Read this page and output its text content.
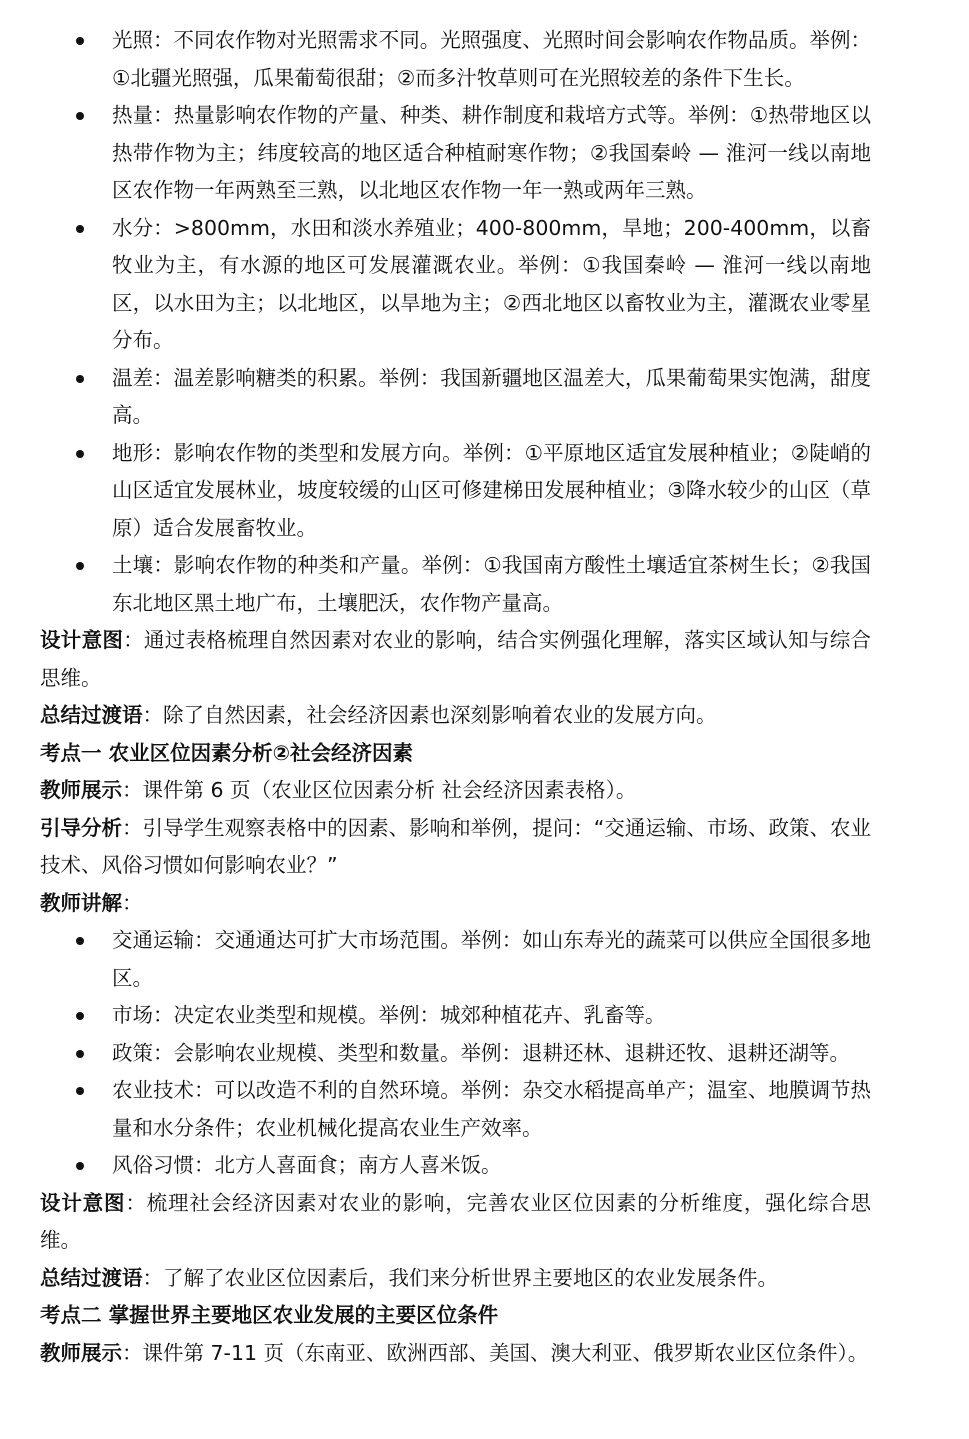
光照：不同农作物对光照需求不同。光照强度、光照时间会影响农作物品质。举例：①北疆光照强，瓜果葡萄很甜；②而多汁牧草则可在光照较差的条件下生长。
热量：热量影响农作物的产量、种类、耕作制度和栽培方式等。举例：①热带地区以热带作物为主；纬度较高的地区适合种植耐寒作物；②我国秦岭 — 淮河一线以南地区农作物一年两熟至三熟，以北地区农作物一年一熟或两年三熟。
水分：>800mm，水田和淡水养殖业；400-800mm，旱地；200-400mm，以畜牧业为主，有水源的地区可发展灌溉农业。举例：①我国秦岭 — 淮河一线以南地区，以水田为主；以北地区，以旱地为主；②西北地区以畜牧业为主，灌溉农业零星分布。
温差：温差影响糖类的积累。举例：我国新疆地区温差大，瓜果葡萄果实饱满，甜度高。
地形：影响农作物的类型和发展方向。举例：①平原地区适宜发展种植业；②陡峭的山区适宜发展林业，坡度较缓的山区可修建梯田发展种植业；③降水较少的山区（草原）适合发展畜牧业。
土壤：影响农作物的种类和产量。举例：①我国南方酸性土壤适宜茶树生长；②我国东北地区黑土地广布，土壤肥沃，农作物产量高。

设计意图：通过表格梳理自然因素对农业的影响，结合实例强化理解，落实区域认知与综合思维。

总结过渡语：除了自然因素，社会经济因素也深刻影响着农业的发展方向。

考点一 农业区位因素分析②社会经济因素

教师展示：课件第 6 页（农业区位因素分析 社会经济因素表格）。

引导分析：引导学生观察表格中的因素、影响和举例，提问：“交通运输、市场、政策、农业技术、风俗习惯如何影响农业？”

教师讲解：

交通运输：交通通达可扩大市场范围。举例：如山东寿光的蔬菜可以供应全国很多地区。
市场：决定农业类型和规模。举例：城郊种植花卉、乳畜等。
政策：会影响农业规模、类型和数量。举例：退耕还林、退耕还牧、退耕还湖等。
农业技术：可以改造不利的自然环境。举例：杂交水稻提高单产；温室、地膜调节热量和水分条件；农业机械化提高农业生产效率。
风俗习惯：北方人喜面食；南方人喜米饭。

设计意图：梳理社会经济因素对农业的影响，完善农业区位因素的分析维度，强化综合思维。

总结过渡语：了解了农业区位因素后，我们来分析世界主要地区的农业发展条件。

考点二 掌握世界主要地区农业发展的主要区位条件

教师展示：课件第 7-11 页（东南亚、欧洲西部、美国、澳大利亚、俄罗斯农业区位条件）。
